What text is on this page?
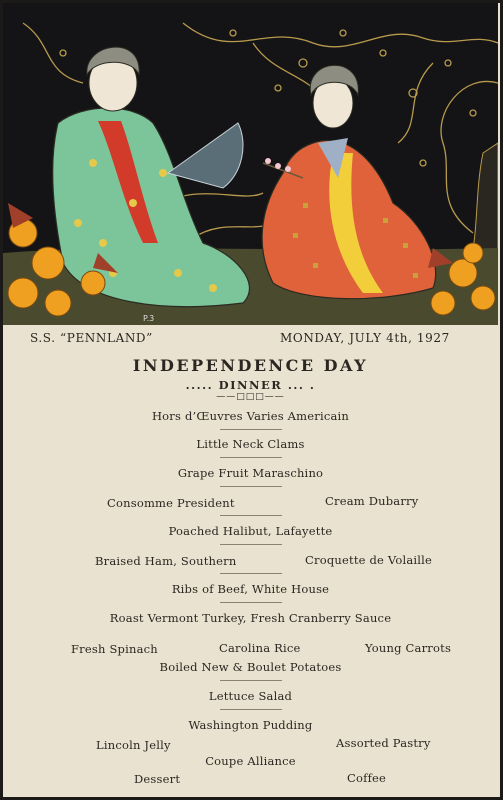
P.3
S.S. “PENNLAND”	MONDAY, JULY 4th, 1927
INDEPENDENCE DAY
..... DINNER ... .
——□□□——
Hors d’Œuvres Varies Americain
Little Neck Clams
Grape Fruit Maraschino
Consomme President	Cream Dubarry
Poached Halibut, Lafayette
Braised Ham, Southern	Croquette de Volaille
Ribs of Beef, White House
Roast Vermont Turkey, Fresh Cranberry Sauce
Fresh Spinach	Carolina Rice	Young Carrots
Boiled New & Boulet Potatoes
Lettuce Salad
Washington Pudding
Lincoln Jelly	Assorted Pastry
Coupe Alliance
Dessert	Coffee
